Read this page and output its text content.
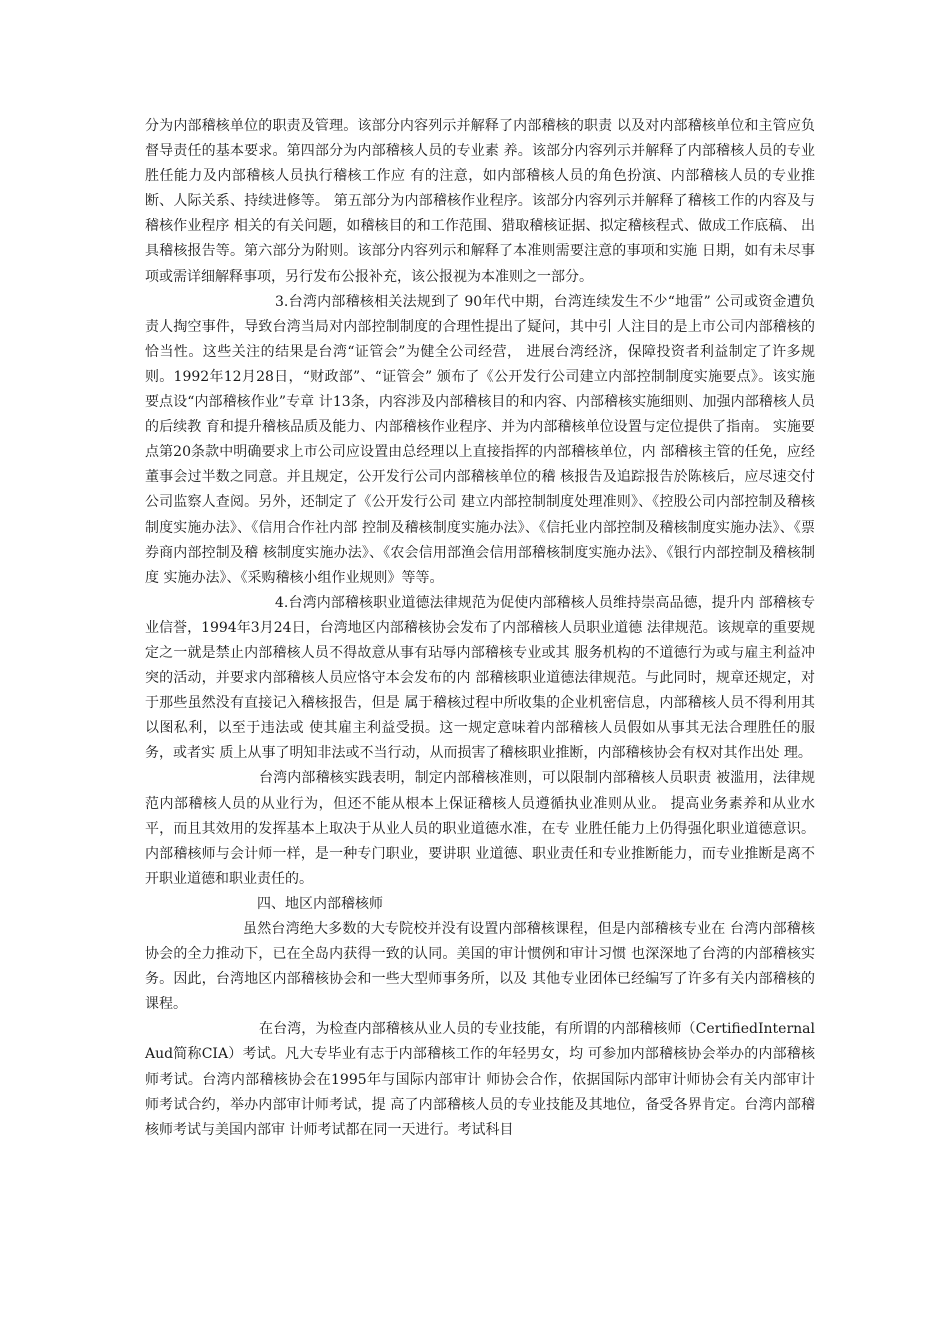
分为内部稽核单位的职责及管理。该部分内容列示并解释了内部稽核的职责 以及对内部稽核单位和主管应负督导责任的基本要求。第四部分为内部稽核人员的专业素 养。该部分内容列示并解释了内部稽核人员的专业胜任能力及内部稽核人员执行稽核工作应 有的注意，如内部稽核人员的角色扮演、内部稽核人员的专业推断、人际关系、持续进修等。 第五部分为内部稽核作业程序。该部分内容列示并解释了稽核工作的内容及与稽核作业程序 相关的有关问题，如稽核目的和工作范围、猎取稽核证据、拟定稽核程式、做成工作底稿、 出具稽核报告等。第六部分为附则。该部分内容列示和解释了本准则需要注意的事项和实施 日期，如有未尽事项或需详细解释事项，另行发布公报补充，该公报视为本准则之一部分。

3.台湾内部稽核相关法规到了 90年代中期，台湾连续发生不少“地雷” 公司或资金遭负责人掏空事件，导致台湾当局对内部控制制度的合理性提出了疑问，其中引 人注目的是上市公司内部稽核的恰当性。这些关注的结果是台湾“证管会”为健全公司经营， 进展台湾经济，保障投资者利益制定了许多规则。1992年12月28日，“财政部”、“证管会” 颁布了《公开发行公司建立内部控制制度实施要点》。该实施要点设“内部稽核作业”专章 计13条，内容涉及内部稽核目的和内容、内部稽核实施细则、加强内部稽核人员的后续教 育和提升稽核品质及能力、内部稽核作业程序、并为内部稽核单位设置与定位提供了指南。 实施要点第20条款中明确要求上市公司应设置由总经理以上直接指挥的内部稽核单位，内 部稽核主管的任免，应经董事会过半数之同意。并且规定，公开发行公司内部稽核单位的稽 核报告及追踪报告於陈核后，应尽速交付公司监察人查阅。另外，还制定了《公开发行公司 建立内部控制制度处理准则》、《控股公司内部控制及稽核制度实施办法》、《信用合作社内部 控制及稽核制度实施办法》、《信托业内部控制及稽核制度实施办法》、《票券商内部控制及稽 核制度实施办法》、《农会信用部渔会信用部稽核制度实施办法》、《银行内部控制及稽核制度 实施办法》、《采购稽核小组作业规则》等等。

4.台湾内部稽核职业道德法律规范为促使内部稽核人员维持崇高品德，提升内 部稽核专业信誉，1994年3月24日，台湾地区内部稽核协会发布了内部稽核人员职业道德 法律规范。该规章的重要规定之一就是禁止内部稽核人员不得故意从事有玷辱内部稽核专业或其 服务机构的不道德行为或与雇主利益冲突的活动，并要求内部稽核人员应恪守本会发布的内 部稽核职业道德法律规范。与此同时，规章还规定，对于那些虽然没有直接记入稽核报告，但是 属于稽核过程中所收集的企业机密信息，内部稽核人员不得利用其以图私利，以至于违法或 使其雇主利益受损。这一规定意味着内部稽核人员假如从事其无法合理胜任的服务，或者实 质上从事了明知非法或不当行动，从而损害了稽核职业推断，内部稽核协会有权对其作出处 理。

台湾内部稽核实践表明，制定内部稽核准则，可以限制内部稽核人员职责 被滥用，法律规范内部稽核人员的从业行为，但还不能从根本上保证稽核人员遵循执业准则从业。 提高业务素养和从业水平，而且其效用的发挥基本上取决于从业人员的职业道德水准，在专 业胜任能力上仍得强化职业道德意识。内部稽核师与会计师一样，是一种专门职业，要讲职 业道德、职业责任和专业推断能力，而专业推断是离不开职业道德和职业责任的。

四、地区内部稽核师

虽然台湾绝大多数的大专院校并没有设置内部稽核课程，但是内部稽核专业在 台湾内部稽核协会的全力推动下，已在全岛内获得一致的认同。美国的审计惯例和审计习惯 也深深地了台湾的内部稽核实务。因此，台湾地区内部稽核协会和一些大型师事务所，以及 其他专业团体已经编写了许多有关内部稽核的课程。

在台湾，为检查内部稽核从业人员的专业技能，有所谓的内部稽核师（CertifiedInternalAud简称CIA）考试。凡大专毕业有志于内部稽核工作的年轻男女，均 可参加内部稽核协会举办的内部稽核师考试。台湾内部稽核协会在1995年与国际内部审计 师协会合作，依据国际内部审计师协会有关内部审计师考试合约，举办内部审计师考试，提 高了内部稽核人员的专业技能及其地位，备受各界肯定。台湾内部稽核师考试与美国内部审 计师考试都在同一天进行。考试科目
